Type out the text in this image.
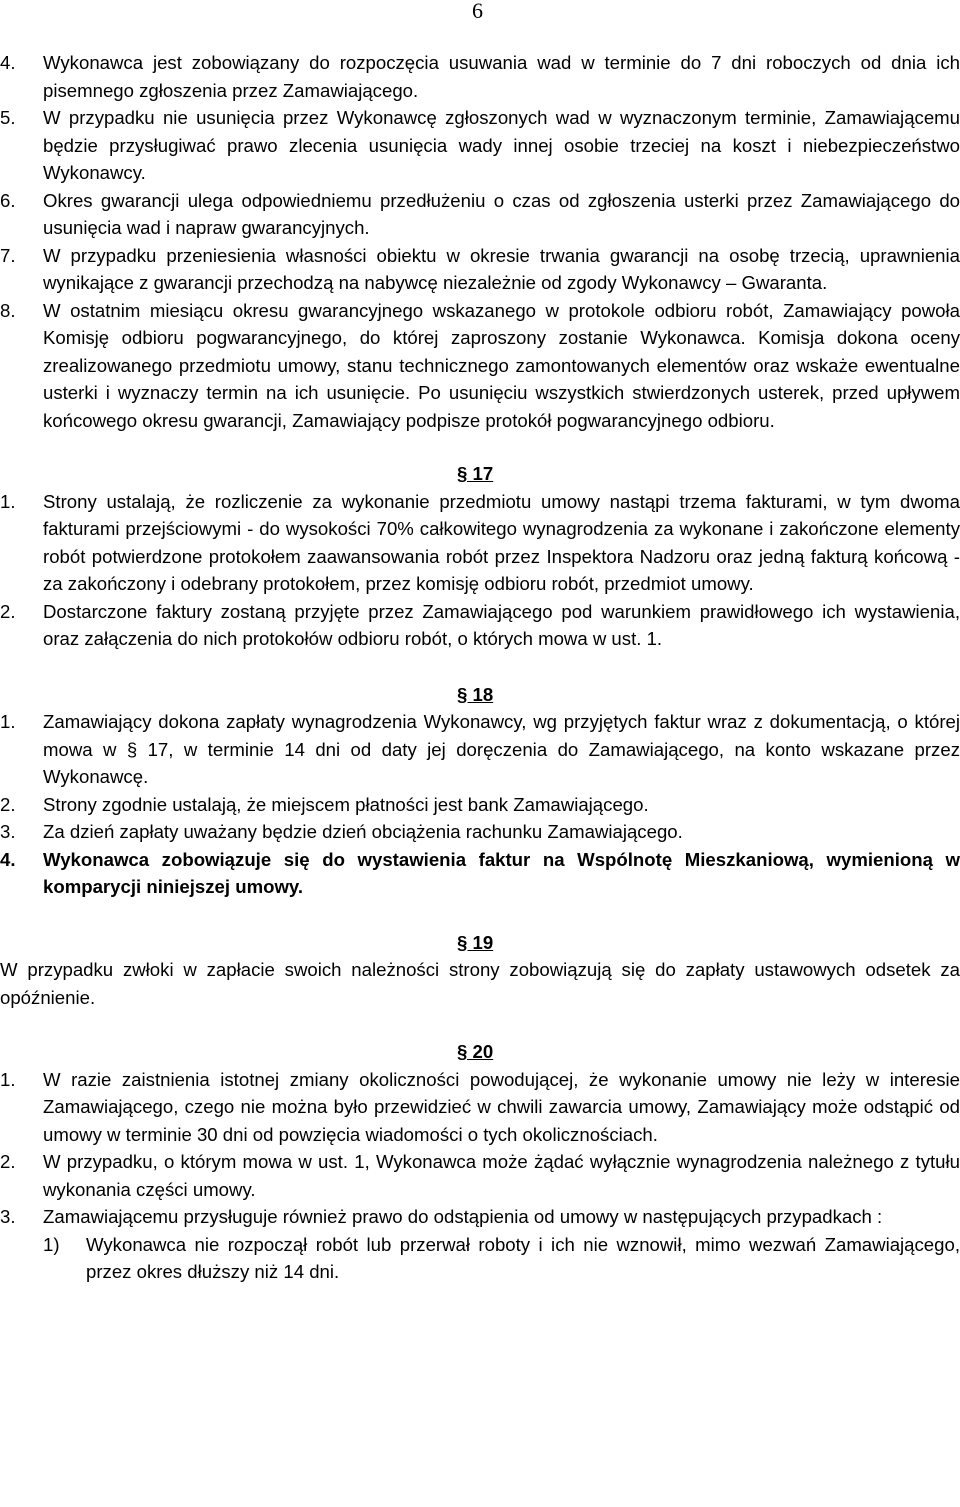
6
4. Wykonawca jest zobowiązany do rozpoczęcia usuwania wad w terminie do 7 dni roboczych od dnia ich pisemnego zgłoszenia przez Zamawiającego.
5. W przypadku nie usunięcia przez Wykonawcę zgłoszonych wad w wyznaczonym terminie, Zamawiającemu będzie przysługiwać prawo zlecenia usunięcia wady innej osobie trzeciej na koszt i niebezpieczeństwo Wykonawcy.
6. Okres gwarancji ulega odpowiedniemu przedłużeniu o czas od zgłoszenia usterki przez Zamawiającego do usunięcia wad i napraw gwarancyjnych.
7. W przypadku przeniesienia własności obiektu w okresie trwania gwarancji na osobę trzecią, uprawnienia wynikające z gwarancji przechodzą na nabywcę niezależnie od zgody Wykonawcy – Gwaranta.
8. W ostatnim miesiącu okresu gwarancyjnego wskazanego w protokole odbioru robót, Zamawiający powoła Komisję odbioru pogwarancyjnego, do której zaproszony zostanie Wykonawca. Komisja dokona oceny zrealizowanego przedmiotu umowy, stanu technicznego zamontowanych elementów oraz wskaże ewentualne usterki i wyznaczy termin na ich usunięcie. Po usunięciu wszystkich stwierdzonych usterek, przed upływem końcowego okresu gwarancji, Zamawiający podpisze protokół pogwarancyjnego odbioru.
§ 17
1. Strony ustalają, że rozliczenie za wykonanie przedmiotu umowy nastąpi trzema fakturami, w tym dwoma fakturami przejściowymi - do wysokości 70% całkowitego wynagrodzenia za wykonane i zakończone elementy robót potwierdzone protokołem zaawansowania robót przez Inspektora Nadzoru oraz jedną fakturą końcową - za zakończony i odebrany protokołem, przez komisję odbioru robót, przedmiot umowy.
2. Dostarczone faktury zostaną przyjęte przez Zamawiającego pod warunkiem prawidłowego ich wystawienia, oraz załączenia do nich protokołów odbioru robót, o których mowa w ust. 1.
§ 18
1. Zamawiający dokona zapłaty wynagrodzenia Wykonawcy, wg przyjętych faktur wraz z dokumentacją, o której mowa w § 17, w terminie 14 dni od daty jej doręczenia do Zamawiającego, na konto wskazane przez Wykonawcę.
2. Strony zgodnie ustalają, że miejscem płatności jest bank Zamawiającego.
3. Za dzień zapłaty uważany będzie dzień obciążenia rachunku Zamawiającego.
4. Wykonawca zobowiązuje się do wystawienia faktur na Wspólnotę Mieszkaniową, wymienioną w komparycji niniejszej umowy.
§ 19
W przypadku zwłoki w zapłacie swoich należności strony zobowiązują się do zapłaty ustawowych odsetek za opóźnienie.
§ 20
1. W razie zaistnienia istotnej zmiany okoliczności powodującej, że wykonanie umowy nie leży w interesie Zamawiającego, czego nie można było przewidzieć w chwili zawarcia umowy, Zamawiający może odstąpić od umowy w terminie 30 dni od powzięcia wiadomości o tych okolicznościach.
2. W przypadku, o którym mowa w ust. 1, Wykonawca może żądać wyłącznie wynagrodzenia należnego z tytułu wykonania części umowy.
3. Zamawiającemu przysługuje również prawo do odstąpienia od umowy w następujących przypadkach :
1) Wykonawca nie rozpoczął robót lub przerwał roboty i ich nie wznowił, mimo wezwań Zamawiającego, przez okres dłuższy niż 14 dni.
